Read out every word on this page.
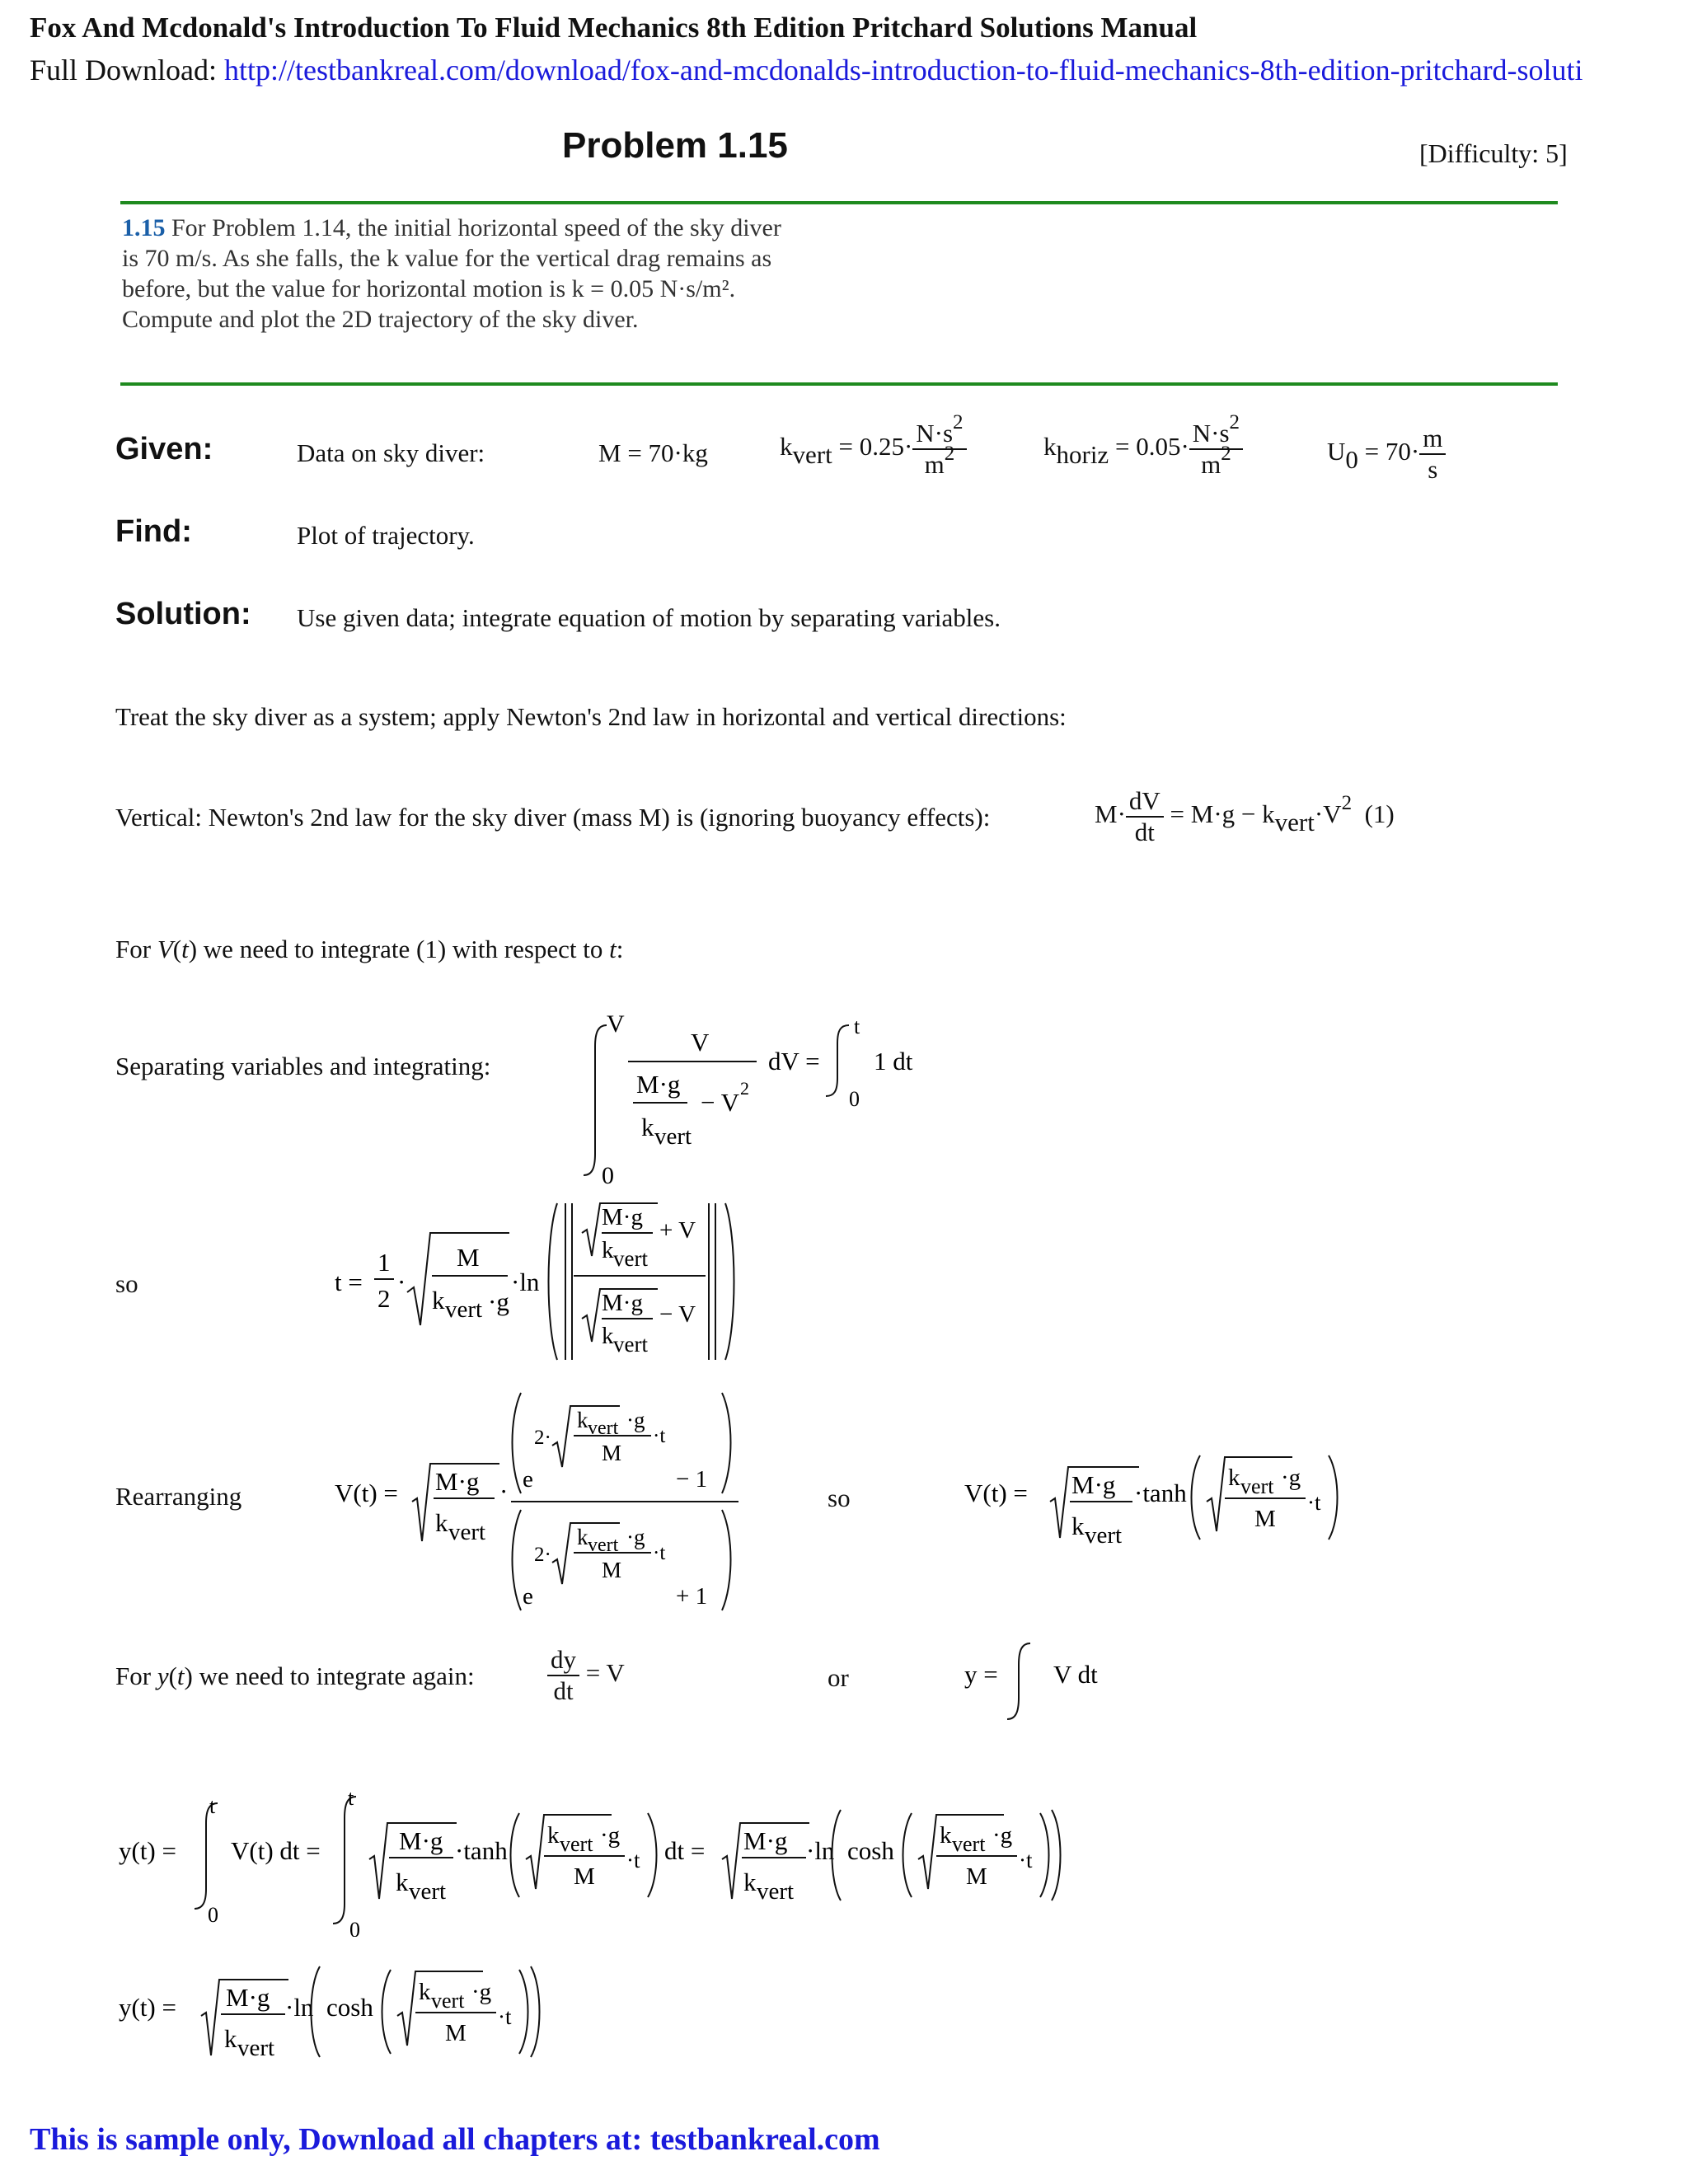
Fox And Mcdonald's Introduction To Fluid Mechanics 8th Edition Pritchard Solutions Manual
Full Download: http://testbankreal.com/download/fox-and-mcdonalds-introduction-to-fluid-mechanics-8th-edition-pritchard-soluti
Problem 1.15	[Difficulty: 5]
1.15 For Problem 1.14, the initial horizontal speed of the sky diver is 70 m/s. As she falls, the k value for the vertical drag remains as before, but the value for horizontal motion is k = 0.05 N·s/m². Compute and plot the 2D trajectory of the sky diver.
Given:	Data on sky diver:	M = 70·kg	kvert = $0.25\cdot \frac{N\cdot s^2}{m^2}$	khoriz = $0.05\cdot \frac{N\cdot s^2}{m^2}$	$U0 = 70\cdot \frac{m}{s}$
Find:	Plot of trajectory.
Solution: Use given data; integrate equation of motion by separating variables.
Treat the sky diver as a system; apply Newton's 2nd law in horizontal and vertical directions:
Vertical: Newton's 2nd law for the sky diver (mass M) is (ignoring buoyancy effects):	$M\cdot \frac{dV}{dt} = M\cdot g$ − $kvert\cdot V^2$  (1)
For V(t) we need to integrate (1) with respect to t:
Separating variables and integrating:
V
0
V
M·g
k vert
− V 2
dV =
t
0
1 dt
so	t =
1
2
·
M
k vert ·g
·ln
M·g
k vert
+ V
M·g
k vert
− V
Rearranging	V(t) = M·g
k vert
· e
2·
k vert ·g
M
·t
− 1
e
2·
k vert ·g
M
·t
+ 1
so	V(t) = M·g
k vert
·tanh
k vert ·g
M
·t
For y(t) we need to integrate again:	$\frac{dy}{dt} = V$	or	y = V dt
y(t) =
t
0
V(t) dt =
t
0
M·g
k vert
·tanh
k vert ·g
M
·t dt = M·g
k vert
·ln cosh
k vert ·g
M
·t
y(t) = M·g
k vert
·ln cosh
k vert ·g
M
·t
This is sample only, Download all chapters at: testbankreal.com
